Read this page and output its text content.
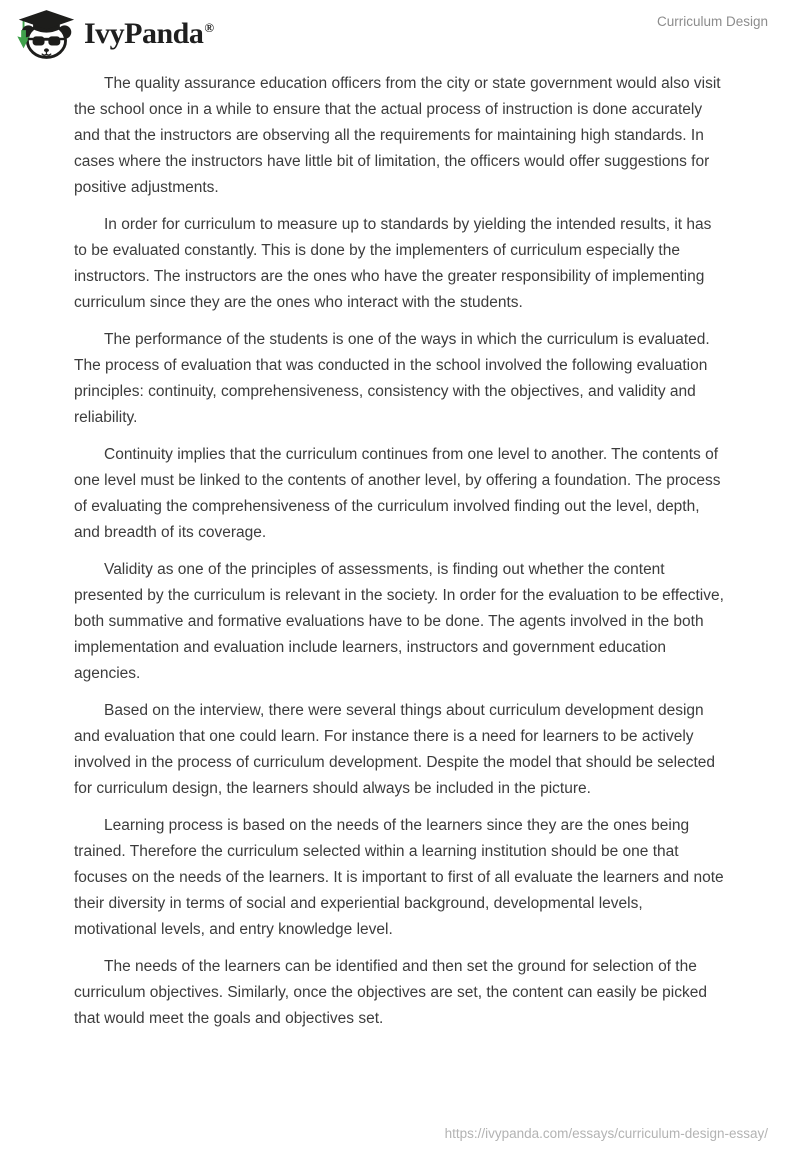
IvyPanda®	Curriculum Design

The quality assurance education officers from the city or state government would also visit the school once in a while to ensure that the actual process of instruction is done accurately and that the instructors are observing all the requirements for maintaining high standards. In cases where the instructors have little bit of limitation, the officers would offer suggestions for positive adjustments.

In order for curriculum to measure up to standards by yielding the intended results, it has to be evaluated constantly. This is done by the implementers of curriculum especially the instructors. The instructors are the ones who have the greater responsibility of implementing curriculum since they are the ones who interact with the students.

The performance of the students is one of the ways in which the curriculum is evaluated. The process of evaluation that was conducted in the school involved the following evaluation principles: continuity, comprehensiveness, consistency with the objectives, and validity and reliability.

Continuity implies that the curriculum continues from one level to another. The contents of one level must be linked to the contents of another level, by offering a foundation. The process of evaluating the comprehensiveness of the curriculum involved finding out the level, depth, and breadth of its coverage.

Validity as one of the principles of assessments, is finding out whether the content presented by the curriculum is relevant in the society. In order for the evaluation to be effective, both summative and formative evaluations have to be done. The agents involved in the both implementation and evaluation include learners, instructors and government education agencies.

Based on the interview, there were several things about curriculum development design and evaluation that one could learn. For instance there is a need for learners to be actively involved in the process of curriculum development. Despite the model that should be selected for curriculum design, the learners should always be included in the picture.

Learning process is based on the needs of the learners since they are the ones being trained. Therefore the curriculum selected within a learning institution should be one that focuses on the needs of the learners. It is important to first of all evaluate the learners and note their diversity in terms of social and experiential background, developmental levels, motivational levels, and entry knowledge level.

The needs of the learners can be identified and then set the ground for selection of the curriculum objectives. Similarly, once the objectives are set, the content can easily be picked that would meet the goals and objectives set.

https://ivypanda.com/essays/curriculum-design-essay/
